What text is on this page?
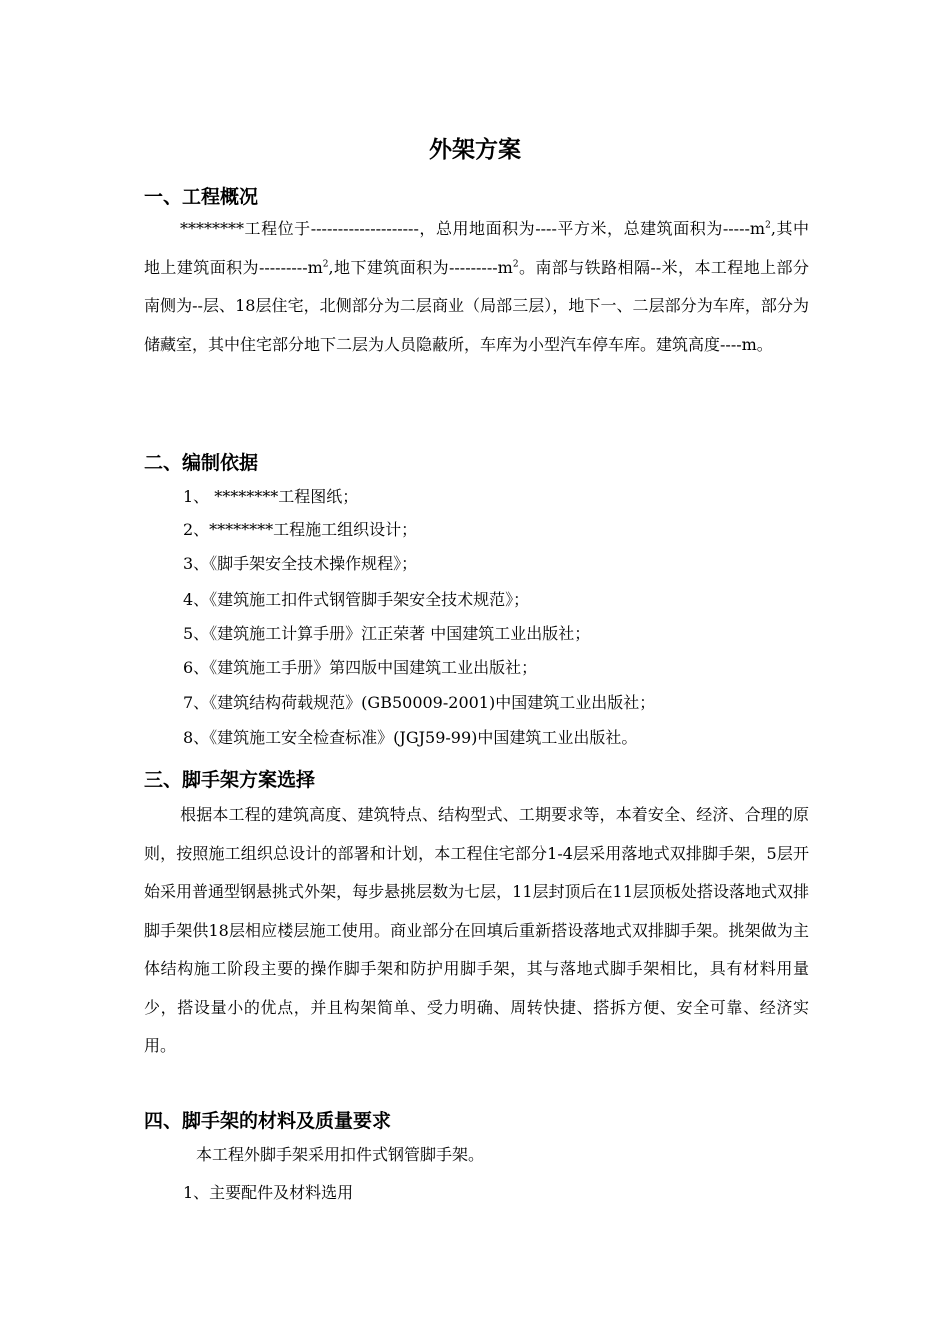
外架方案
一、工程概况
********工程位于--------------------，总用地面积为----平方米，总建筑面积为$-----m^2$,其中地上建筑面积为$---------m^2$,地下建筑面积为$---------m^2$。南部与铁路相隔--米，本工程地上部分南侧为--层、18层住宅，北侧部分为二层商业（局部三层），地下一、二层部分为车库，部分为储藏室，其中住宅部分地下二层为人员隐蔽所，车库为小型汽车停车库。建筑高度----m。
二、编制依据
1、 ********工程图纸；
2、********工程施工组织设计；
3、《脚手架安全技术操作规程》；
4、《建筑施工扣件式钢管脚手架安全技术规范》；
5、《建筑施工计算手册》江正荣著 中国建筑工业出版社；
6、《建筑施工手册》第四版中国建筑工业出版社；
7、《建筑结构荷载规范》(GB50009-2001)中国建筑工业出版社；
8、《建筑施工安全检查标准》(JGJ59-99)中国建筑工业出版社。
三、脚手架方案选择
根据本工程的建筑高度、建筑特点、结构型式、工期要求等，本着安全、经济、合理的原则，按照施工组织总设计的部署和计划，本工程住宅部分1-4层采用落地式双排脚手架，5层开始采用普通型钢悬挑式外架，每步悬挑层数为七层，11层封顶后在11层顶板处搭设落地式双排脚手架供18层相应楼层施工使用。商业部分在回填后重新搭设落地式双排脚手架。挑架做为主体结构施工阶段主要的操作脚手架和防护用脚手架，其与落地式脚手架相比，具有材料用量少，搭设量小的优点，并且构架简单、受力明确、周转快捷、搭拆方便、安全可靠、经济实用。
四、脚手架的材料及质量要求
本工程外脚手架采用扣件式钢管脚手架。
1、主要配件及材料选用
